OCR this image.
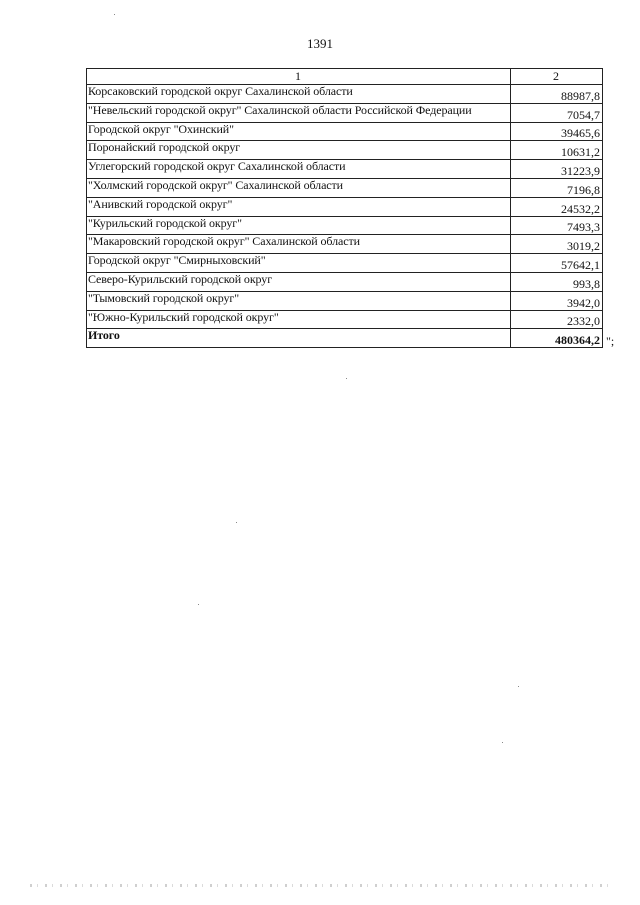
1391
1	2
Корсаковский городской округ Сахалинской области	88987,8
"Невельский городской округ" Сахалинской области Российской Федерации	7054,7
Городской округ "Охинский"	39465,6
Поронайский городской округ	10631,2
Углегорский городской округ Сахалинской области	31223,9
"Холмский городской округ" Сахалинской области	7196,8
"Анивский городской округ"	24532,2
"Курильский городской округ"	7493,3
"Макаровский городской округ" Сахалинской области	3019,2
Городской округ "Смирныховский"	57642,1
Северо-Курильский городской округ	993,8
"Тымовский городской округ"	3942,0
"Южно-Курильский городской округ"	2332,0
Итого	480364,2 ";
